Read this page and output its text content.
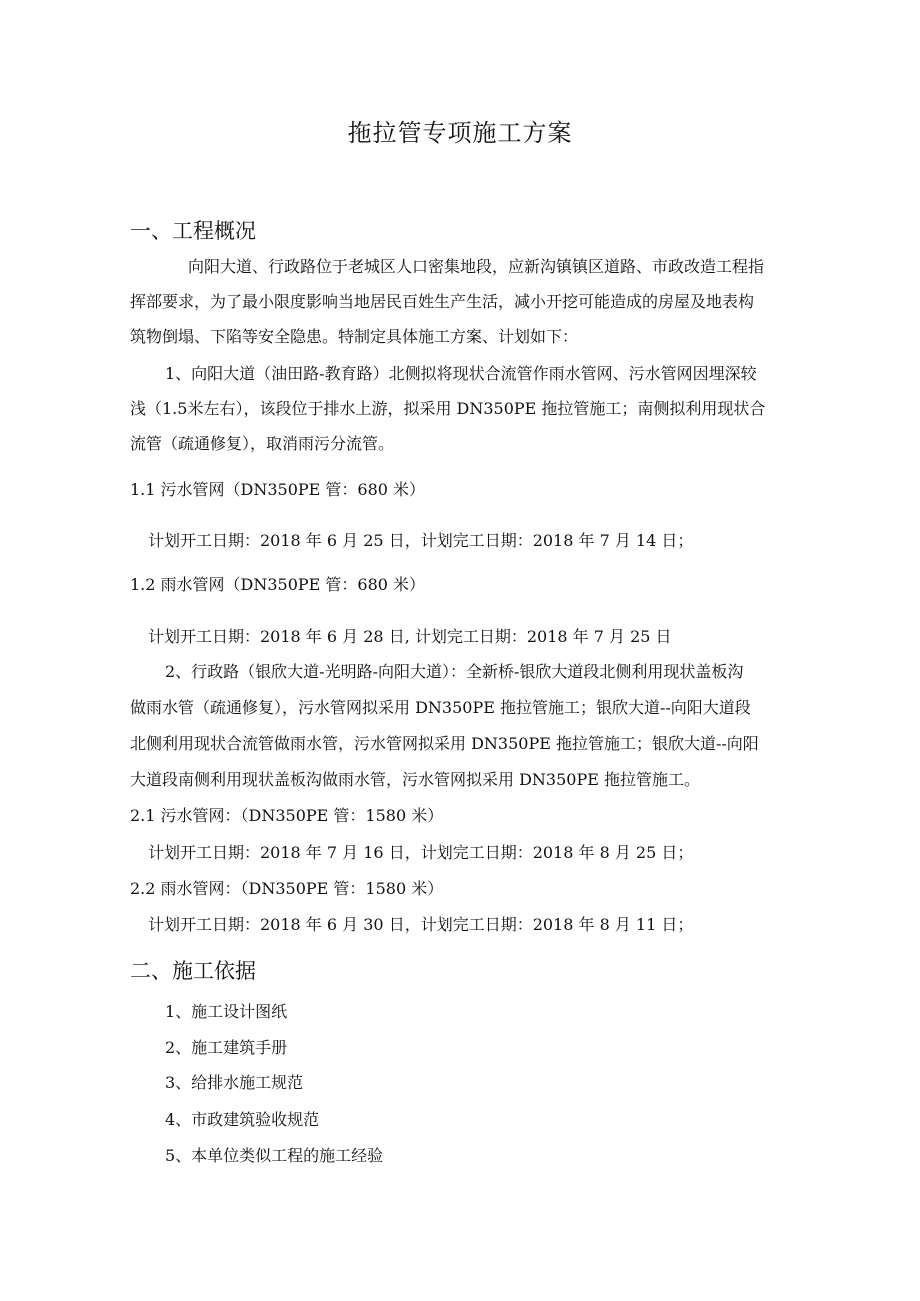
拖拉管专项施工方案
一、工程概况
向阳大道、行政路位于老城区人口密集地段，应新沟镇镇区道路、市政改造工程指
挥部要求，为了最小限度影响当地居民百姓生产生活，减小开挖可能造成的房屋及地表构
筑物倒塌、下陷等安全隐患。特制定具体施工方案、计划如下：
1、向阳大道（油田路-教育路）北侧拟将现状合流管作雨水管网、污水管网因埋深较
浅（1.5米左右），该段位于排水上游，拟采用 DN350PE 拖拉管施工；南侧拟利用现状合
流管（疏通修复），取消雨污分流管。
1.1 污水管网（DN350PE 管：680 米）
计划开工日期：2018 年 6 月 25 日，计划完工日期：2018 年 7 月 14 日；
1.2 雨水管网（DN350PE 管：680 米）
计划开工日期：2018 年 6 月 28 日, 计划完工日期：2018 年 7 月 25 日
2、行政路（银欣大道-光明路-向阳大道）：全新桥-银欣大道段北侧利用现状盖板沟
做雨水管（疏通修复），污水管网拟采用 DN350PE 拖拉管施工；银欣大道--向阳大道段
北侧利用现状合流管做雨水管，污水管网拟采用 DN350PE 拖拉管施工；银欣大道--向阳
大道段南侧利用现状盖板沟做雨水管，污水管网拟采用 DN350PE 拖拉管施工。
2.1 污水管网：（DN350PE 管：1580 米）
计划开工日期：2018 年 7 月 16 日，计划完工日期：2018 年 8 月 25 日；
2.2 雨水管网：（DN350PE 管：1580 米）
计划开工日期：2018 年 6 月 30 日，计划完工日期：2018 年 8 月 11 日；
二、施工依据
1、施工设计图纸
2、施工建筑手册
3、给排水施工规范
4、市政建筑验收规范
5、本单位类似工程的施工经验
